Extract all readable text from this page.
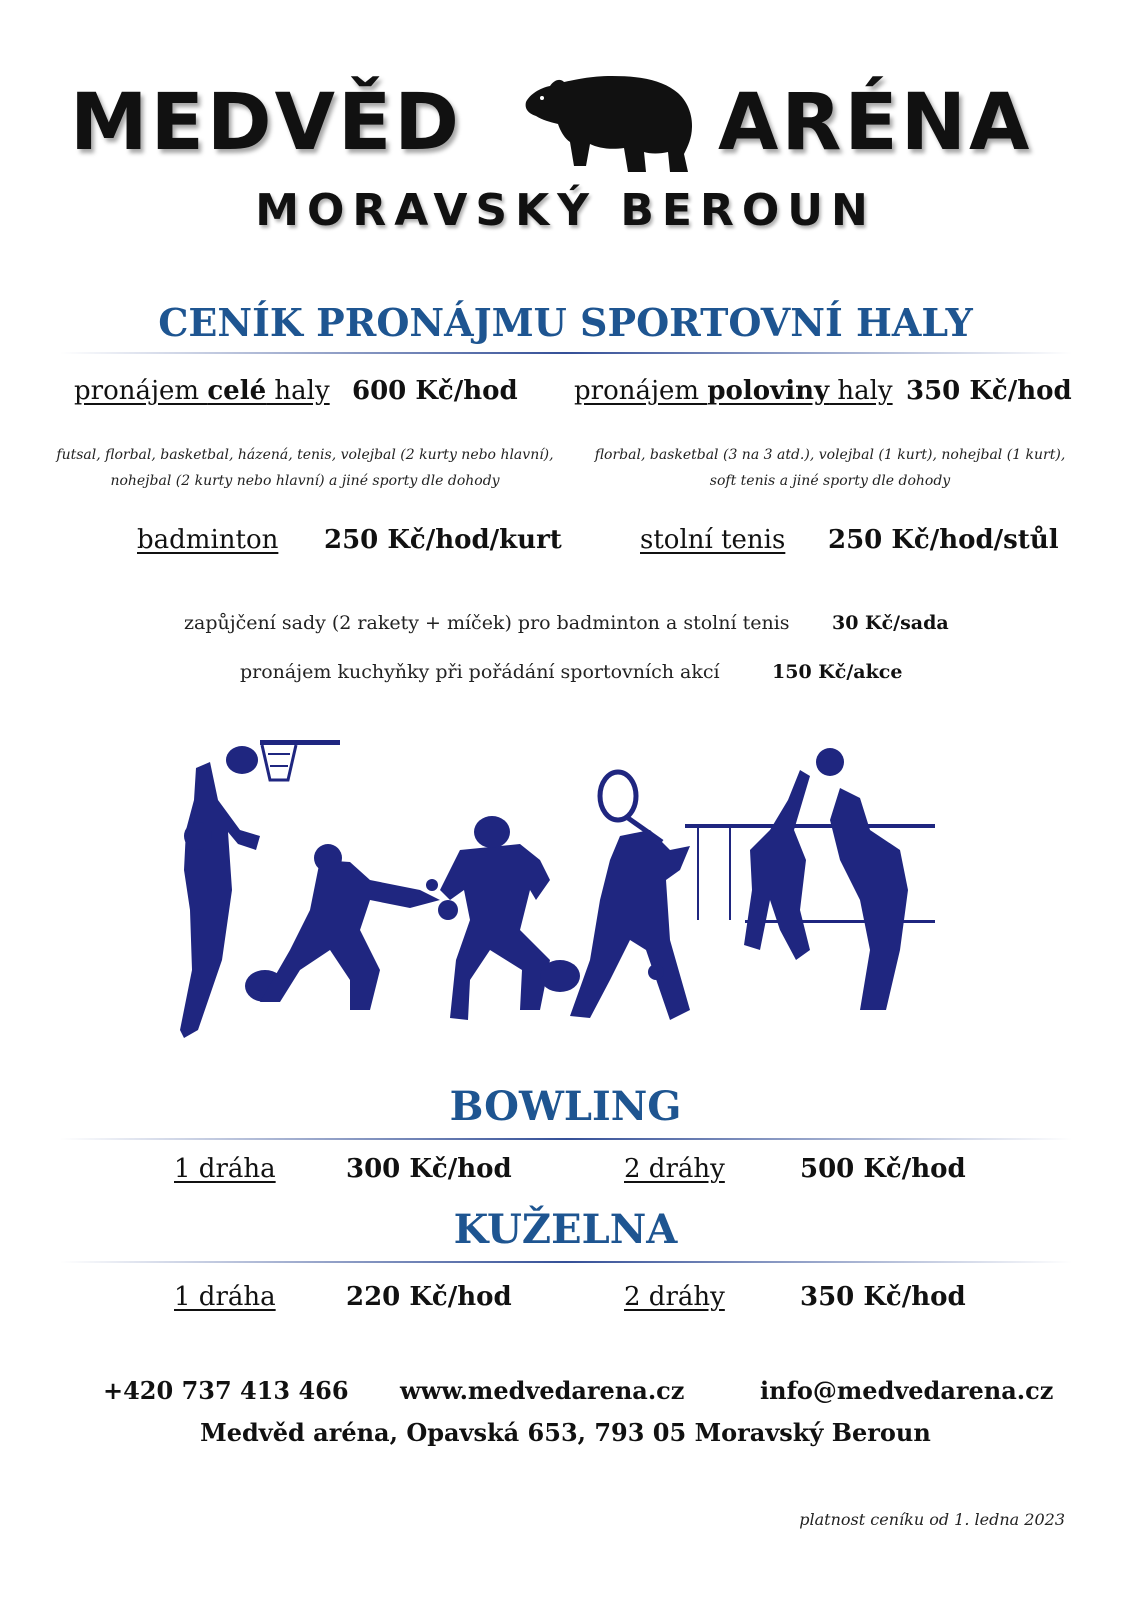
MEDVĚD	ARÉNA
MORAVSKÝ BEROUN
CENÍK PRONÁJMU SPORTOVNÍ HALY
pronájem celé haly 600 Kč/hod pronájem poloviny haly 350 Kč/hod
futsal, florbal, basketbal, házená, tenis, volejbal (2 kurty nebo hlavní),
nohejbal (2 kurty nebo hlavní) a jiné sporty dle dohody
florbal, basketbal (3 na 3 atd.), volejbal (1 kurt), nohejbal (1 kurt),
soft tenis a jiné sporty dle dohody
badminton 250 Kč/hod/kurt	stolní tenis 250 Kč/hod/stůl
zapůjčení sady (2 rakety + míček) pro badminton a stolní tenis 30 Kč/sada
pronájem kuchyňky při pořádání sportovních akcí	150 Kč/akce
BOWLING
1 dráha	300 Kč/hod	2 dráhy	500 Kč/hod
KUŽELNA
1 dráha	220 Kč/hod	2 dráhy	350 Kč/hod
+420 737 413 466 www.medvedarena.cz	info@medvedarena.cz
Medvěd aréna, Opavská 653, 793 05 Moravský Beroun
platnost ceníku od 1. ledna 2023
